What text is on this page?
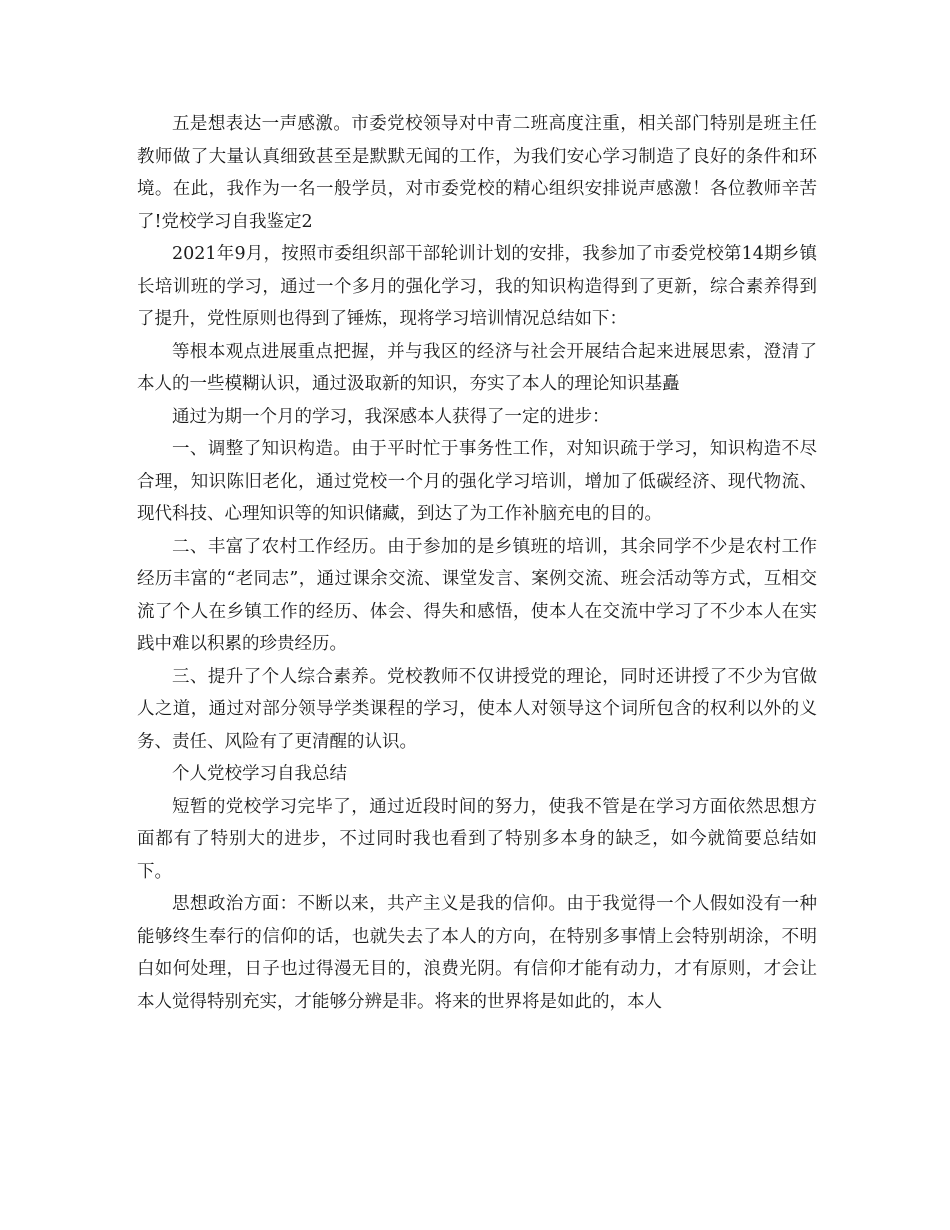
五是想表达一声感激。市委党校领导对中青二班高度注重，相关部门特别是班主任教师做了大量认真细致甚至是默默无闻的工作，为我们安心学习制造了良好的条件和环境。在此，我作为一名一般学员，对市委党校的精心组织安排说声感激！各位教师辛苦了!党校学习自我鉴定2

2021年9月，按照市委组织部干部轮训计划的安排，我参加了市委党校第14期乡镇长培训班的学习，通过一个多月的强化学习，我的知识构造得到了更新，综合素养得到了提升，党性原则也得到了锤炼，现将学习培训情况总结如下：

等根本观点进展重点把握，并与我区的经济与社会开展结合起来进展思索，澄清了本人的一些模糊认识，通过汲取新的知识，夯实了本人的理论知识基矗

通过为期一个月的学习，我深感本人获得了一定的进步：

一、调整了知识构造。由于平时忙于事务性工作，对知识疏于学习，知识构造不尽合理，知识陈旧老化，通过党校一个月的强化学习培训，增加了低碳经济、现代物流、现代科技、心理知识等的知识储藏，到达了为工作补脑充电的目的。

二、丰富了农村工作经历。由于参加的是乡镇班的培训，其余同学不少是农村工作经历丰富的“老同志”，通过课余交流、课堂发言、案例交流、班会活动等方式，互相交流了个人在乡镇工作的经历、体会、得失和感悟，使本人在交流中学习了不少本人在实践中难以积累的珍贵经历。

三、提升了个人综合素养。党校教师不仅讲授党的理论，同时还讲授了不少为官做人之道，通过对部分领导学类课程的学习，使本人对领导这个词所包含的权利以外的义务、责任、风险有了更清醒的认识。

个人党校学习自我总结

短暂的党校学习完毕了，通过近段时间的努力，使我不管是在学习方面依然思想方面都有了特别大的进步，不过同时我也看到了特别多本身的缺乏，如今就简要总结如下。

思想政治方面：不断以来，共产主义是我的信仰。由于我觉得一个人假如没有一种能够终生奉行的信仰的话，也就失去了本人的方向，在特别多事情上会特别胡涂，不明白如何处理，日子也过得漫无目的，浪费光阴。有信仰才能有动力，才有原则，才会让本人觉得特别充实，才能够分辨是非。将来的世界将是如此的，本人
